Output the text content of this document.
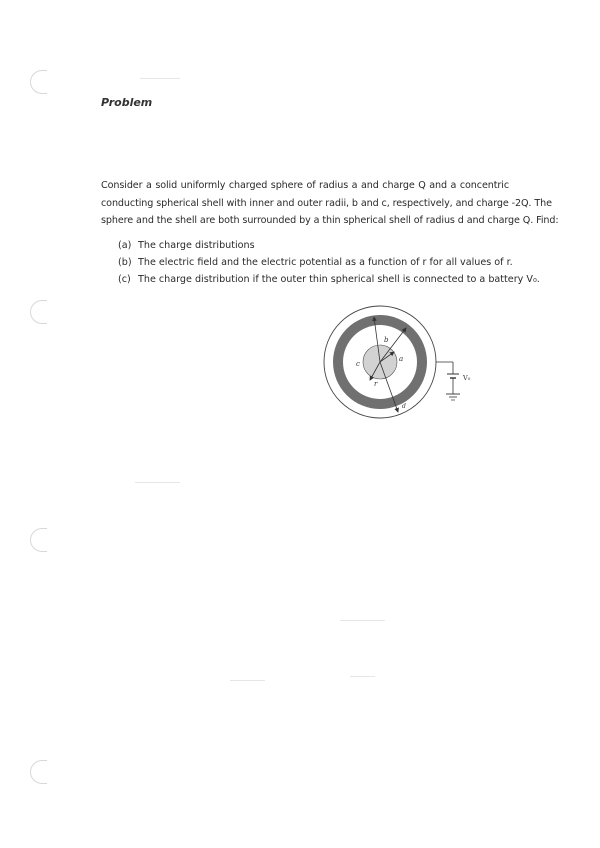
Problem
Consider a solid uniformly charged sphere of radius a and charge Q and a concentric
conducting spherical shell with inner and outer radii, b and c, respectively, and charge -2Q. The
sphere and the shell are both surrounded by a thin spherical shell of radius d and charge Q. Find:
(a) The charge distributions
(b) The electric field and the electric potential as a function of r for all values of r.
(c) The charge distribution if the outer thin spherical shell is connected to a battery V₀.
b
c
a
r
d
V₀
